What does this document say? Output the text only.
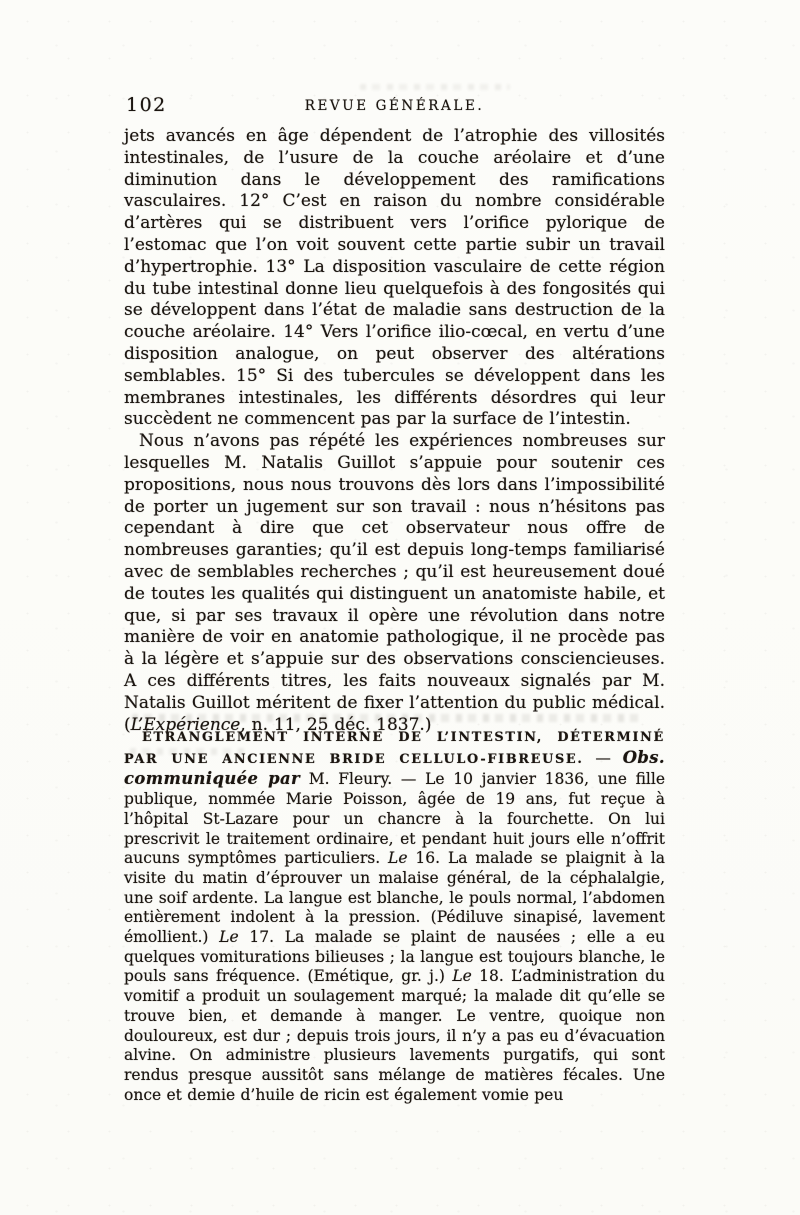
102	REVUE GÉNÉRALE.

jets avancés en âge dépendent de l’atrophie des villosités intestinales, de l’usure de la couche aréolaire et d’une diminution dans le développement des ramifications vasculaires. 12° C’est en raison du nombre considérable d’artères qui se distribuent vers l’orifice pylorique de l’estomac que l’on voit souvent cette partie subir un travail d’hypertrophie. 13° La disposition vasculaire de cette région du tube intestinal donne lieu quelquefois à des fongosités qui se développent dans l’état de maladie sans destruction de la couche aréolaire. 14° Vers l’orifice ilio-cœcal, en vertu d’une disposition analogue, on peut observer des altérations semblables. 15° Si des tubercules se développent dans les membranes intestinales, les différents désordres qui leur succèdent ne commencent pas par la surface de l’intestin.

Nous n’avons pas répété les expériences nombreuses sur lesquelles M. Natalis Guillot s’appuie pour soutenir ces propositions, nous nous trouvons dès lors dans l’impossibilité de porter un jugement sur son travail : nous n’hésitons pas cependant à dire que cet observateur nous offre de nombreuses garanties; qu’il est depuis long-temps familiarisé avec de semblables recherches ; qu’il est heureusement doué de toutes les qualités qui distinguent un anatomiste habile, et que, si par ses travaux il opère une révolution dans notre manière de voir en anatomie pathologique, il ne procède pas à la légère et s’appuie sur des observations consciencieuses. A ces différents titres, les faits nouveaux signalés par M. Natalis Guillot méritent de fixer l’attention du public médical. (L’Expérience, n. 11, 25 déc. 1837.)

ÉTRANGLEMENT INTERNE DE L’INTESTIN, DÉTERMINÉ PAR UNE ANCIENNE BRIDE CELLULO-FIBREUSE. — Obs. communiquée par M. Fleury. — Le 10 janvier 1836, une fille publique, nommée Marie Poisson, âgée de 19 ans, fut reçue à l’hôpital St-Lazare pour un chancre à la fourchette. On lui prescrivit le traitement ordinaire, et pendant huit jours elle n’offrit aucuns symptômes particuliers. Le 16. La malade se plaignit à la visite du matin d’éprouver un malaise général, de la céphalalgie, une soif ardente. La langue est blanche, le pouls normal, l’abdomen entièrement indolent à la pression. (Pédiluve sinapisé, lavement émollient.) Le 17. La malade se plaint de nausées ; elle a eu quelques vomiturations bilieuses ; la langue est toujours blanche, le pouls sans fréquence. (Emétique, gr. j.) Le 18. L’administration du vomitif a produit un soulagement marqué; la malade dit qu’elle se trouve bien, et demande à manger. Le ventre, quoique non douloureux, est dur ; depuis trois jours, il n’y a pas eu d’évacuation alvine. On administre plusieurs lavements purgatifs, qui sont rendus presque aussitôt sans mélange de matières fécales. Une once et demie d’huile de ricin est également vomie peu
